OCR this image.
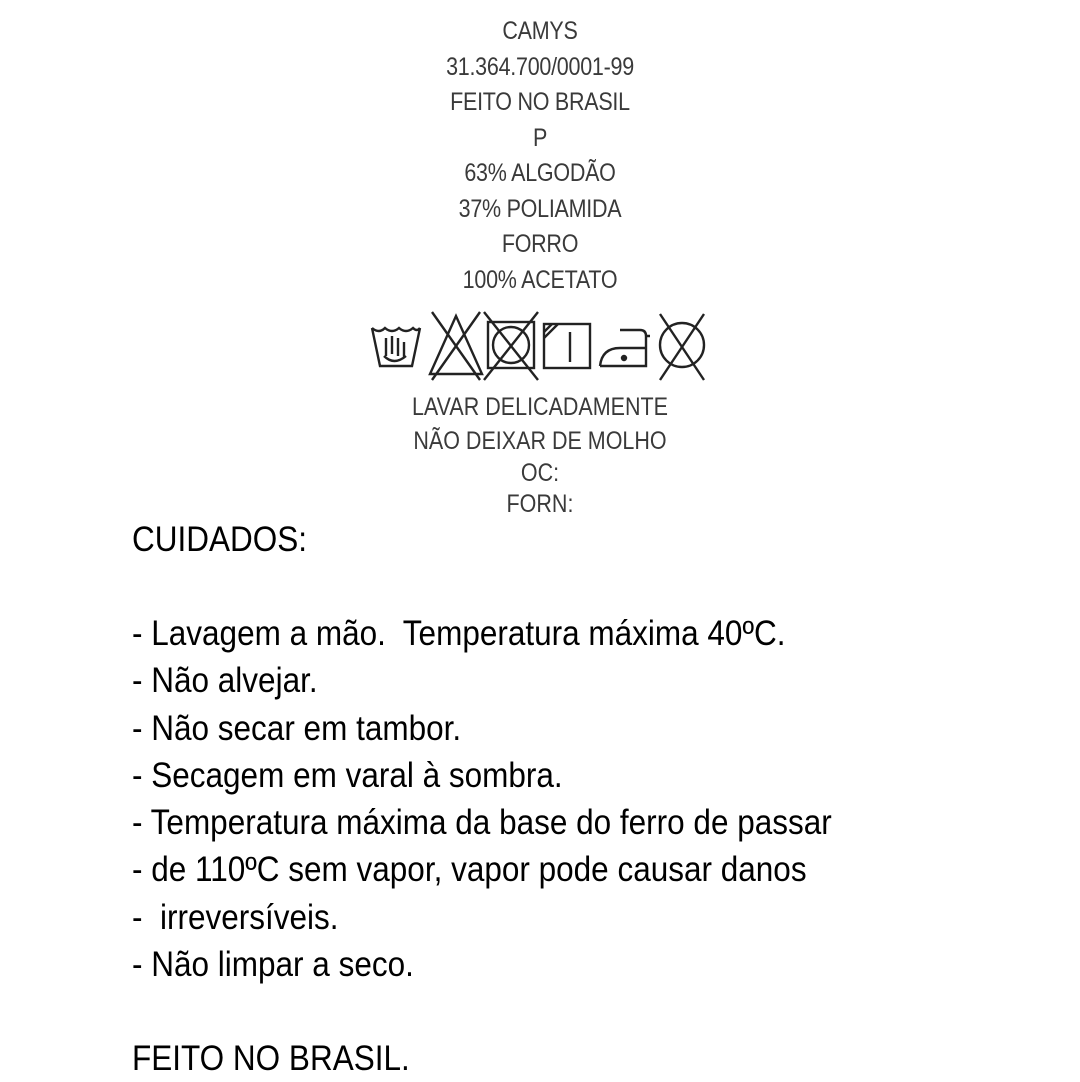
CAMYS
31.364.700/0001-99
FEITO NO BRASIL
P
63% ALGODÃO
37% POLIAMIDA
FORRO
100% ACETATO
LAVAR DELICADAMENTE
NÃO DEIXAR DE MOLHO
OC:
FORN:
CUIDADOS:
- Lavagem a mão.  Temperatura máxima 40ºC.
- Não alvejar.
- Não secar em tambor.
- Secagem em varal à sombra.
- Temperatura máxima da base do ferro de passar
- de 110ºC sem vapor, vapor pode causar danos
-  irreversíveis.
- Não limpar a seco.
FEITO NO BRASIL.
